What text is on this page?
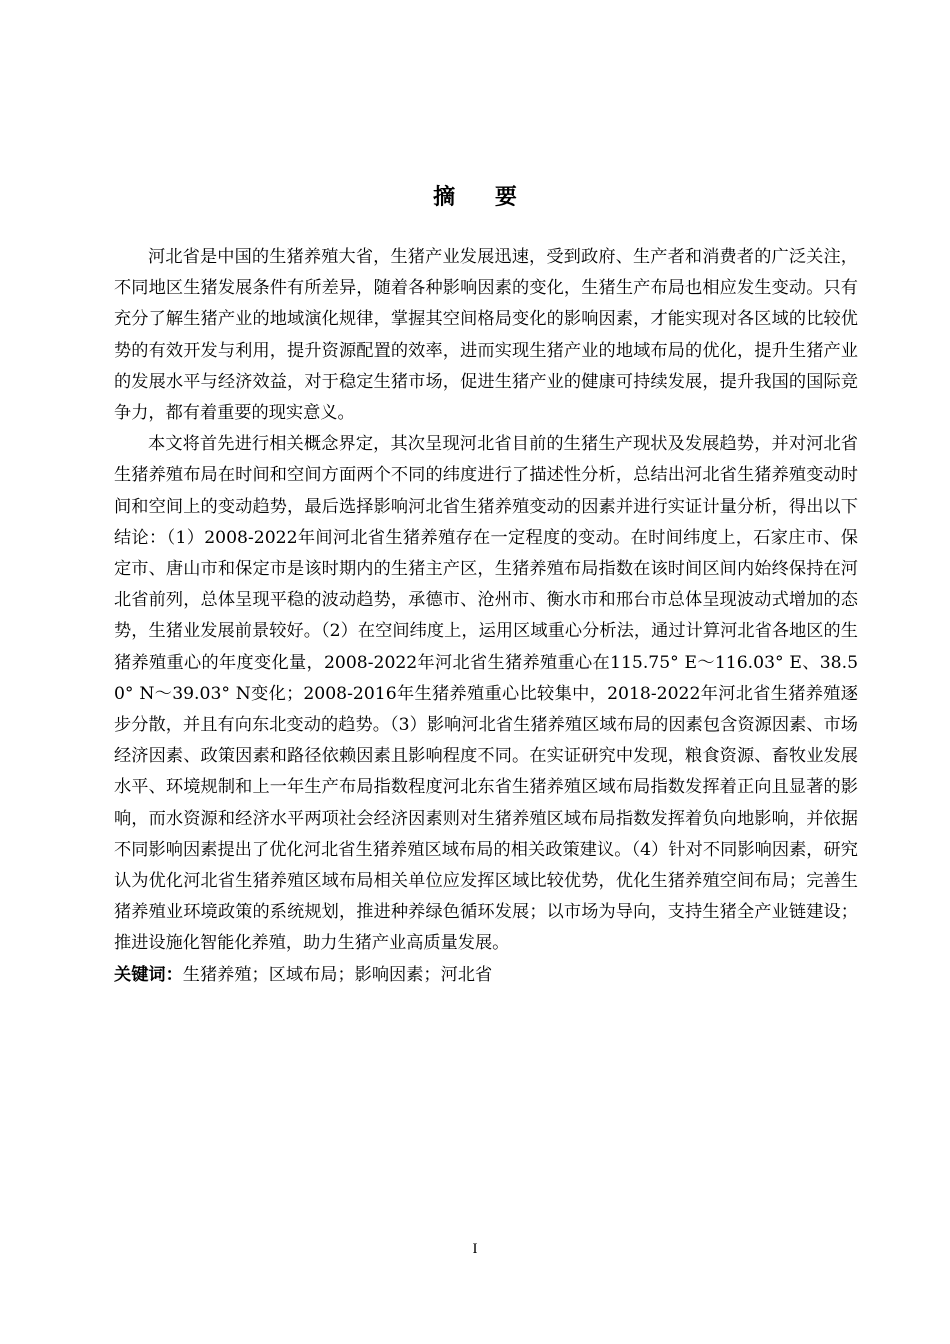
摘 要

河北省是中国的生猪养殖大省，生猪产业发展迅速，受到政府、生产者和消费者的广泛关注，不同地区生猪发展条件有所差异，随着各种影响因素的变化，生猪生产布局也相应发生变动。只有充分了解生猪产业的地域演化规律，掌握其空间格局变化的影响因素，才能实现对各区域的比较优势的有效开发与利用，提升资源配置的效率，进而实现生猪产业的地域布局的优化，提升生猪产业的发展水平与经济效益，对于稳定生猪市场，促进生猪产业的健康可持续发展，提升我国的国际竞争力，都有着重要的现实意义。

本文将首先进行相关概念界定，其次呈现河北省目前的生猪生产现状及发展趋势，并对河北省生猪养殖布局在时间和空间方面两个不同的纬度进行了描述性分析，总结出河北省生猪养殖变动时间和空间上的变动趋势，最后选择影响河北省生猪养殖变动的因素并进行实证计量分析，得出以下结论：（1）2008-2022年间河北省生猪养殖存在一定程度的变动。在时间纬度上，石家庄市、保定市、唐山市和保定市是该时期内的生猪主产区，生猪养殖布局指数在该时间区间内始终保持在河北省前列，总体呈现平稳的波动趋势，承德市、沧州市、衡水市和邢台市总体呈现波动式增加的态势，生猪业发展前景较好。（2）在空间纬度上，运用区域重心分析法，通过计算河北省各地区的生猪养殖重心的年度变化量，2008-2022年河北省生猪养殖重心在115.75° E～116.03° E、38.50° N～39.03° N变化；2008-2016年生猪养殖重心比较集中，2018-2022年河北省生猪养殖逐步分散，并且有向东北变动的趋势。（3）影响河北省生猪养殖区域布局的因素包含资源因素、市场经济因素、政策因素和路径依赖因素且影响程度不同。在实证研究中发现，粮食资源、畜牧业发展水平、环境规制和上一年生产布局指数程度河北东省生猪养殖区域布局指数发挥着正向且显著的影响，而水资源和经济水平两项社会经济因素则对生猪养殖区域布局指数发挥着负向地影响，并依据不同影响因素提出了优化河北省生猪养殖区域布局的相关政策建议。（4）针对不同影响因素，研究认为优化河北省生猪养殖区域布局相关单位应发挥区域比较优势，优化生猪养殖空间布局；完善生猪养殖业环境政策的系统规划，推进种养绿色循环发展；以市场为导向，支持生猪全产业链建设；推进设施化智能化养殖，助力生猪产业高质量发展。

关键词：生猪养殖；区域布局；影响因素；河北省

I
